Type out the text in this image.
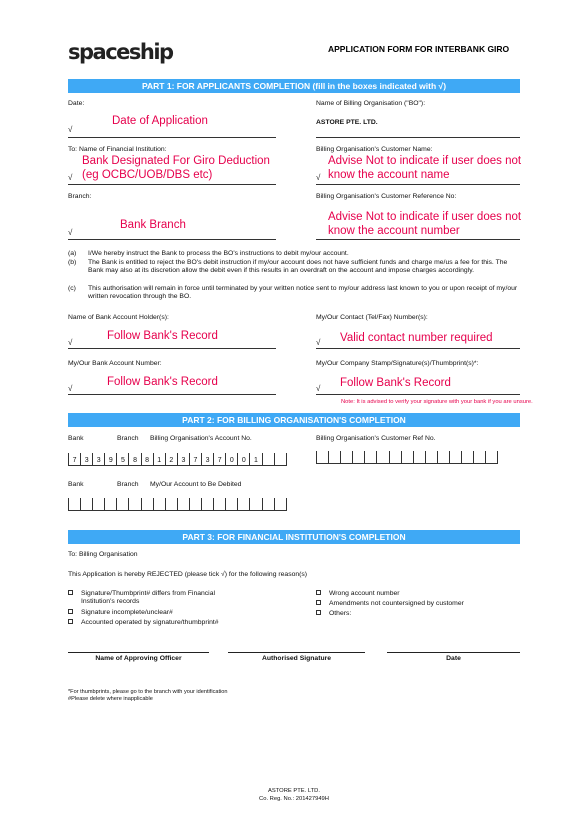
spaceship	APPLICATION FORM FOR INTERBANK GIRO
PART 1: FOR APPLICANTS COMPLETION (fill in the boxes indicated with √)
Date:
Date of Application
√
Name of Billing Organisation ("BO"):
ASTORE PTE. LTD.
To: Name of Financial Institution:
Bank Designated For Giro Deduction
(eg OCBC/UOB/DBS etc)
√
Billing Organisation's Customer Name:
Advise Not to indicate if user does not
know the account name
√
Branch:
Bank Branch
√
Billing Organisation's Customer Reference No:
Advise Not to indicate if user does not
know the account number
(a) I/We hereby instruct the Bank to process the BO's instructions to debit my/our account.
(b) The Bank is entitled to reject the BO's debit instruction if my/our account does not have sufficient funds and charge me/us a fee for this. The Bank may also at its discretion allow the debit even if this results in an overdraft on the account and impose charges accordingly.
(c) This authorisation will remain in force until terminated by your written notice sent to my/our address last known to you or upon receipt of my/our written revocation through the BO.
Name of Bank Account Holder(s):
Follow Bank's Record
√
My/Our Contact (Tel/Fax) Number(s):
Valid contact number required
√
My/Our Bank Account Number:
Follow Bank's Record
√
My/Our Company Stamp/Signature(s)/Thumbprint(s)*:
Follow Bank's Record
√
Note: It is advised to verify your signature with your bank if you are unsure.
PART 2: FOR BILLING ORGANISATION'S COMPLETION
Bank	Branch Billing Organisation's Account No.	Billing Organisation's Customer Ref No.
7	3	3	9	5	8	8	1	2	3	7	3	7	0	0	1
Bank	Branch My/Our Account to Be Debited
PART 3: FOR FINANCIAL INSTITUTION'S COMPLETION
To: Billing Organisation
This Application is hereby REJECTED (please tick √) for the following reason(s)
Signature/Thumbprint# differs from Financial
Institution's records
Signature incomplete/unclear#
Accounted operated by signature/thumbprint#
Wrong account number
Amendments not countersigned by customer
Others:
Name of Approving Officer	Authorised Signature	Date
*For thumbprints, please go to the branch with your identification
#Please delete where inapplicable
ASTORE PTE. LTD.
Co. Reg. No.: 201427949H
